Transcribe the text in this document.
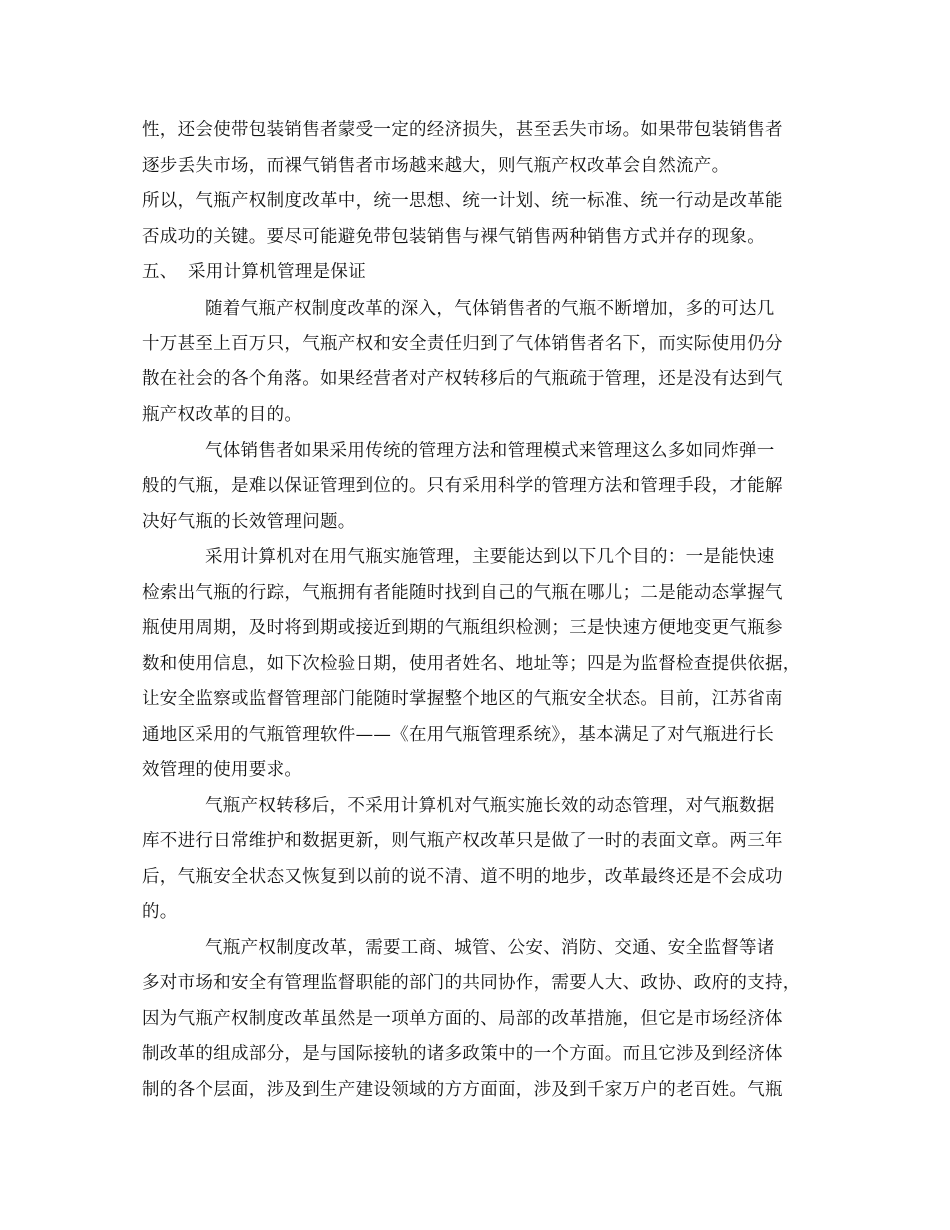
性，还会使带包装销售者蒙受一定的经济损失，甚至丢失市场。如果带包装销售者
逐步丢失市场，而裸气销售者市场越来越大，则气瓶产权改革会自然流产。
所以，气瓶产权制度改革中，统一思想、统一计划、统一标准、统一行动是改革能
否成功的关键。要尽可能避免带包装销售与裸气销售两种销售方式并存的现象。
五、 采用计算机管理是保证
随着气瓶产权制度改革的深入，气体销售者的气瓶不断增加，多的可达几
十万甚至上百万只，气瓶产权和安全责任归到了气体销售者名下，而实际使用仍分
散在社会的各个角落。如果经营者对产权转移后的气瓶疏于管理，还是没有达到气
瓶产权改革的目的。
气体销售者如果采用传统的管理方法和管理模式来管理这么多如同炸弹一
般的气瓶，是难以保证管理到位的。只有采用科学的管理方法和管理手段，才能解
决好气瓶的长效管理问题。
采用计算机对在用气瓶实施管理，主要能达到以下几个目的：一是能快速
检索出气瓶的行踪，气瓶拥有者能随时找到自己的气瓶在哪儿；二是能动态掌握气
瓶使用周期，及时将到期或接近到期的气瓶组织检测；三是快速方便地变更气瓶参
数和使用信息，如下次检验日期，使用者姓名、地址等；四是为监督检查提供依据，
让安全监察或监督管理部门能随时掌握整个地区的气瓶安全状态。目前，江苏省南
通地区采用的气瓶管理软件——《在用气瓶管理系统》，基本满足了对气瓶进行长
效管理的使用要求。
气瓶产权转移后，不采用计算机对气瓶实施长效的动态管理，对气瓶数据
库不进行日常维护和数据更新，则气瓶产权改革只是做了一时的表面文章。两三年
后，气瓶安全状态又恢复到以前的说不清、道不明的地步，改革最终还是不会成功
的。
气瓶产权制度改革，需要工商、城管、公安、消防、交通、安全监督等诸
多对市场和安全有管理监督职能的部门的共同协作，需要人大、政协、政府的支持，
因为气瓶产权制度改革虽然是一项单方面的、局部的改革措施，但它是市场经济体
制改革的组成部分，是与国际接轨的诸多政策中的一个方面。而且它涉及到经济体
制的各个层面，涉及到生产建设领域的方方面面，涉及到千家万户的老百姓。气瓶
